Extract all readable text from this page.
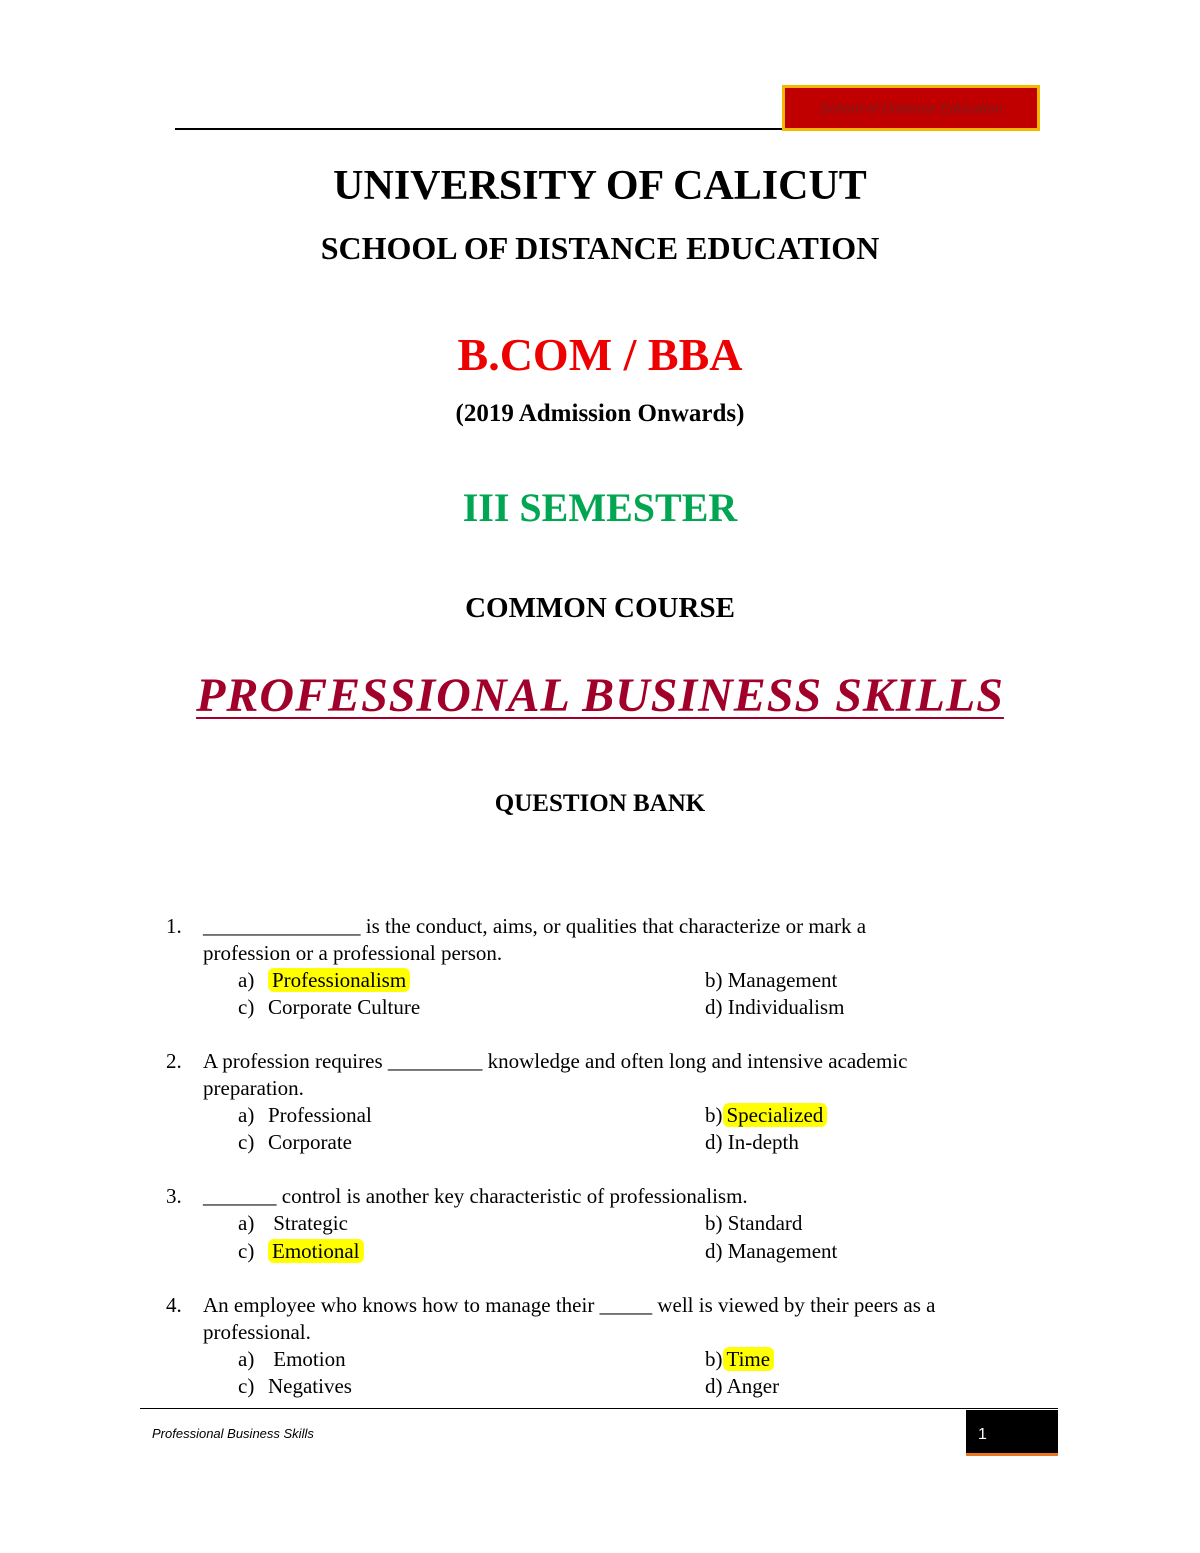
School of Distance Education
UNIVERSITY OF CALICUT
SCHOOL OF DISTANCE EDUCATION
B.COM / BBA
(2019 Admission Onwards)
III SEMESTER
COMMON COURSE
PROFESSIONAL BUSINESS SKILLS
QUESTION BANK
1. _______________ is the conduct, aims, or qualities that characterize or mark a
profession or a professional person.
a) Professionalism	b) Management
c) Corporate Culture	d) Individualism
2. A profession requires _________ knowledge and often long and intensive academic
preparation.
a) Professional	b) Specialized
c) Corporate	d) In-depth
3. _______ control is another key characteristic of professionalism.
a) Strategic	b) Standard
c) Emotional	d) Management
4. An employee who knows how to manage their _____ well is viewed by their peers as a
professional.
a) Emotion	b) Time
c) Negatives	d) Anger
Professional Business Skills	1
